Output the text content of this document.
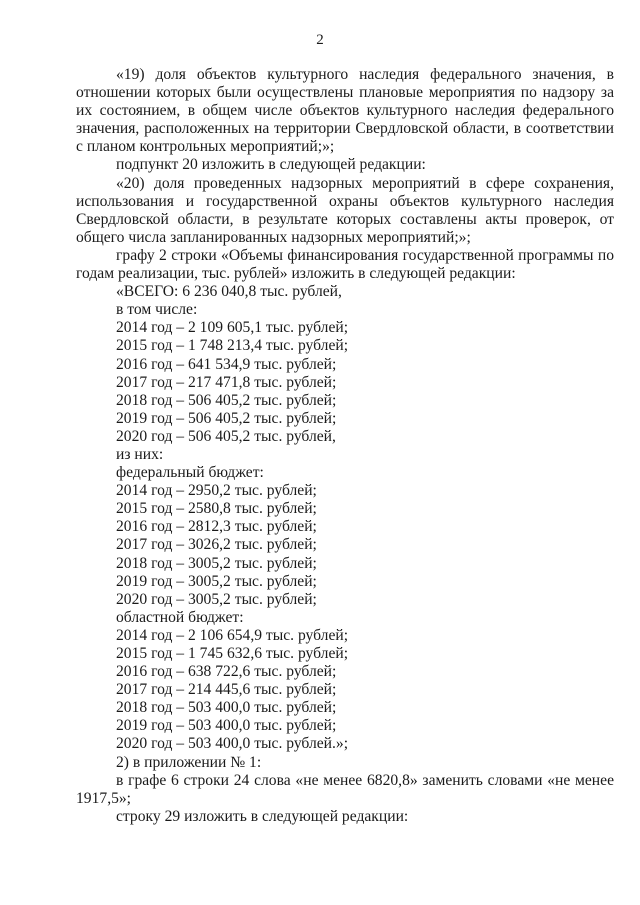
2

«19) доля объектов культурного наследия федерального значения, в отношении которых были осуществлены плановые мероприятия по надзору за их состоянием, в общем числе объектов культурного наследия федерального значения, расположенных на территории Свердловской области, в соответствии с планом контрольных мероприятий;»;

подпункт 20 изложить в следующей редакции:

«20) доля проведенных надзорных мероприятий в сфере сохранения, использования и государственной охраны объектов культурного наследия Свердловской области, в результате которых составлены акты проверок, от общего числа запланированных надзорных мероприятий;»;

графу 2 строки «Объемы финансирования государственной программы по годам реализации, тыс. рублей» изложить в следующей редакции:

«ВСЕГО: 6 236 040,8 тыс. рублей,

в том числе:

2014 год – 2 109 605,1 тыс. рублей;

2015 год – 1 748 213,4 тыс. рублей;

2016 год – 641 534,9 тыс. рублей;

2017 год – 217 471,8 тыс. рублей;

2018 год – 506 405,2 тыс. рублей;

2019 год – 506 405,2 тыс. рублей;

2020 год – 506 405,2 тыс. рублей,

из них:

федеральный бюджет:

2014 год – 2950,2 тыс. рублей;

2015 год – 2580,8 тыс. рублей;

2016 год – 2812,3 тыс. рублей;

2017 год – 3026,2 тыс. рублей;

2018 год – 3005,2 тыс. рублей;

2019 год – 3005,2 тыс. рублей;

2020 год – 3005,2 тыс. рублей;

областной бюджет:

2014 год – 2 106 654,9 тыс. рублей;

2015 год – 1 745 632,6 тыс. рублей;

2016 год – 638 722,6 тыс. рублей;

2017 год – 214 445,6 тыс. рублей;

2018 год – 503 400,0 тыс. рублей;

2019 год – 503 400,0 тыс. рублей;

2020 год – 503 400,0 тыс. рублей.»;

2) в приложении № 1:

в графе 6 строки 24 слова «не менее 6820,8» заменить словами «не менее 1917,5»;

строку 29 изложить в следующей редакции:
